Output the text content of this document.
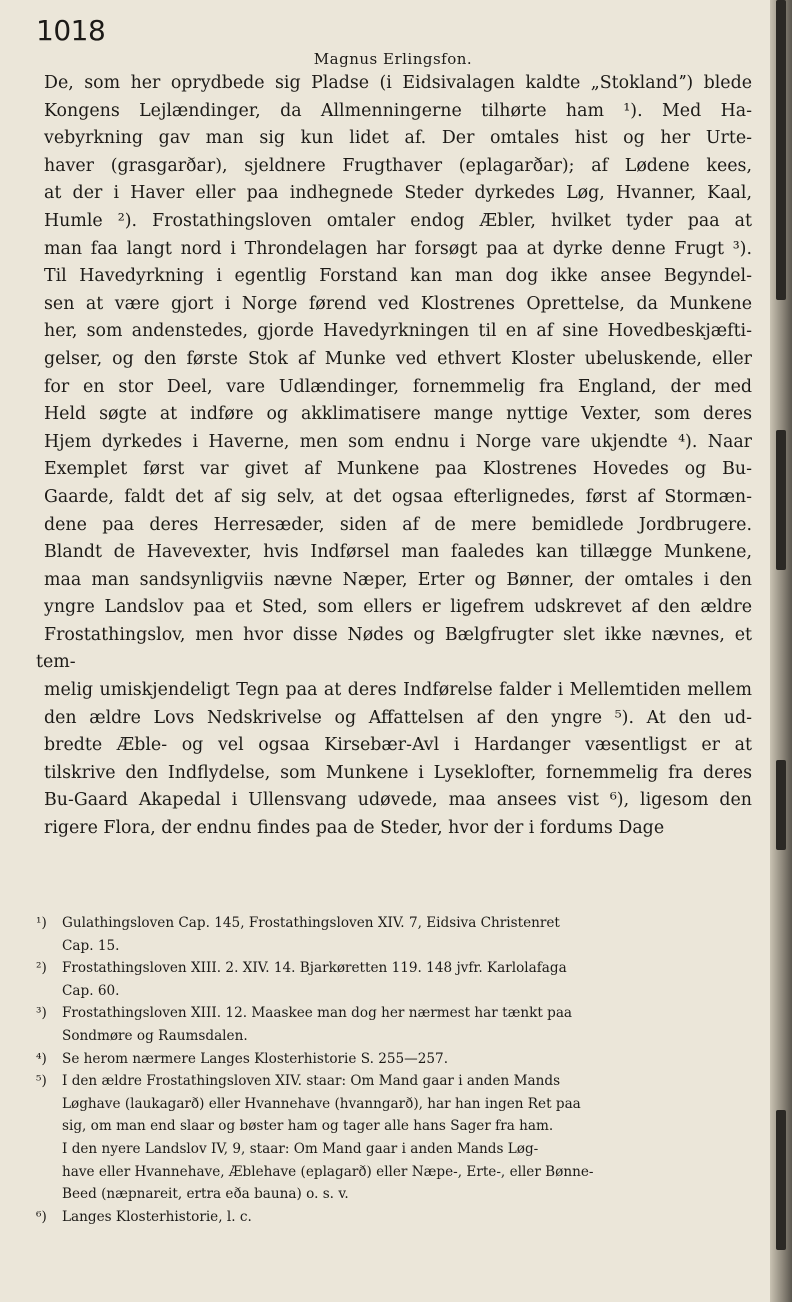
1018
Magnus Erlingsfon.

De, som her oprydbede sig Pladse (i Eidsivalagen kaldte „Stoklandˮ) blede
Kongens Lejlændinger, da Allmenningerne tilhørte ham ¹). Med Ha-
vebyrkning gav man sig kun lidet af. Der omtales hist og her Urte-
haver (grasgarðar), sjeldnere Frugthaver (eplagarðar); af Lødene kees,
at der i Haver eller paa indhegnede Steder dyrkedes Løg, Hvanner, Kaal,
Humle ²). Frostathingsloven omtaler endog Æbler, hvilket tyder paa at
man faa langt nord i Throndelagen har forsøgt paa at dyrke denne Frugt ³).
Til Havedyrkning i egentlig Forstand kan man dog ikke ansee Begyndel-
sen at være gjort i Norge førend ved Klostrenes Oprettelse, da Munkene
her, som andenstedes, gjorde Havedyrkningen til en af sine Hovedbeskjæfti-
gelser, og den første Stok af Munke ved ethvert Kloster ubeluskende, eller
for en stor Deel, vare Udlændinger, fornemmelig fra England, der med
Held søgte at indføre og akklimatisere mange nyttige Vexter, som deres
Hjem dyrkedes i Haverne, men som endnu i Norge vare ukjendte ⁴). Naar
Exemplet først var givet af Munkene paa Klostrenes Hovedes og Bu-
Gaarde, faldt det af sig selv, at det ogsaa efterlignedes, først af Stormæn-
dene paa deres Herresæder, siden af de mere bemidlede Jordbrugere.
Blandt de Havevexter, hvis Indførsel man faaledes kan tillægge Munkene,
maa man sandsynligviis nævne Næper, Erter og Bønner, der omtales i den
yngre Landslov paa et Sted, som ellers er ligefrem udskrevet af den ældre
Frostathingslov, men hvor disse Nødes og Bælgfrugter slet ikke nævnes, et tem-
melig umiskjendeligt Tegn paa at deres Indførelse falder i Mellemtiden mellem
den ældre Lovs Nedskrivelse og Affattelsen af den yngre ⁵). At den ud-
bredte Æble- og vel ogsaa Kirsebær-Avl i Hardanger væsentligst er at
tilskrive den Indflydelse, som Munkene i Lyseklofter, fornemmelig fra deres
Bu-Gaard Akapedal i Ullensvang udøvede, maa ansees vist ⁶), ligesom den
rigere Flora, der endnu findes paa de Steder, hvor der i fordums Dage

¹)	Gulathingsloven Cap. 145, Frostathingsloven XIV. 7, Eidsiva Christenret
Cap. 15.
²)	Frostathingsloven XIII. 2. XIV. 14. Bjarkøretten 119. 148 jvfr. Karlolafaga
Cap. 60.
³)	Frostathingsloven XIII. 12. Maaskee man dog her nærmest har tænkt paa
Sondmøre og Raumsdalen.
⁴)	Se herom nærmere Langes Klosterhistorie S. 255—257.
⁵)	I den ældre Frostathingsloven XIV. staar: Om Mand gaar i anden Mands
Løghave (laukagarð) eller Hvannehave (hvanngarð), har han ingen Ret paa
sig, om man end slaar og bøster ham og tager alle hans Sager fra ham.
I den nyere Landslov IV, 9, staar: Om Mand gaar i anden Mands Løg-
have eller Hvannehave, Æblehave (eplagarð) eller Næpe-, Erte-, eller Bønne-
Beed (næpnareit, ertra eða bauna) o. s. v.
⁶)	Langes Klosterhistorie, l. c.
